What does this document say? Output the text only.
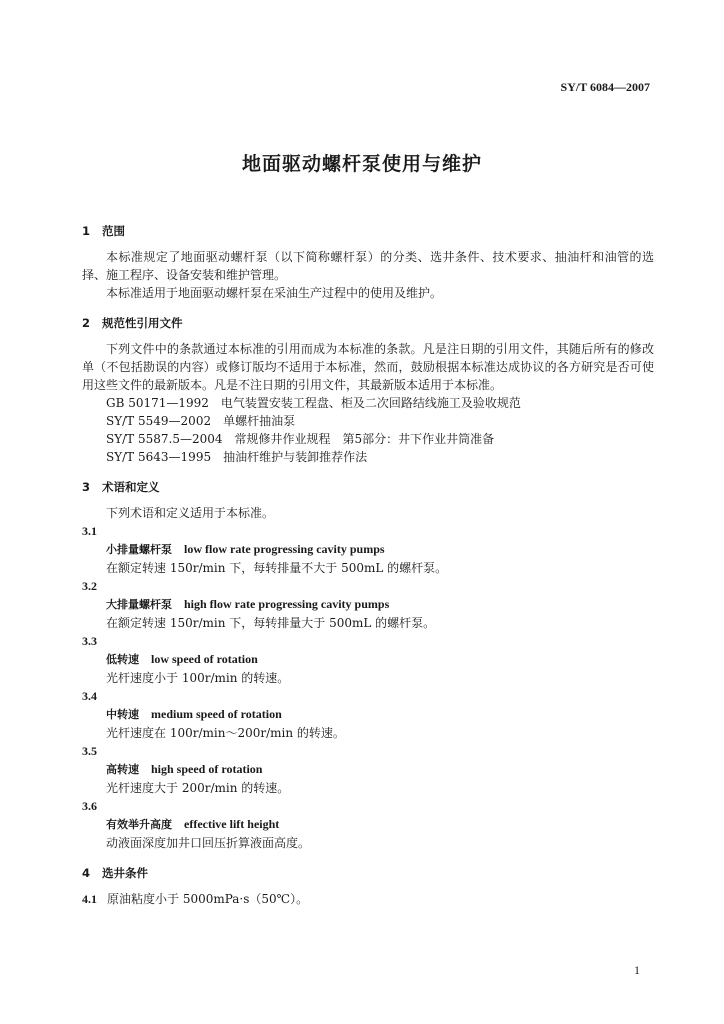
SY/T 6084—2007
地面驱动螺杆泵使用与维护
1 范围
本标准规定了地面驱动螺杆泵（以下简称螺杆泵）的分类、选井条件、技术要求、抽油杆和油管的选择、施工程序、设备安装和维护管理。
本标准适用于地面驱动螺杆泵在采油生产过程中的使用及维护。
2 规范性引用文件
下列文件中的条款通过本标准的引用而成为本标准的条款。凡是注日期的引用文件，其随后所有的修改单（不包括勘误的内容）或修订版均不适用于本标准，然而，鼓励根据本标准达成协议的各方研究是否可使用这些文件的最新版本。凡是不注日期的引用文件，其最新版本适用于本标准。
GB 50171—1992　电气装置安装工程盘、柜及二次回路结线施工及验收规范
SY/T 5549—2002　单螺杆抽油泵
SY/T 5587.5—2004　常规修井作业规程　第5部分：井下作业井筒准备
SY/T 5643—1995　抽油杆维护与装卸推荐作法
3 术语和定义
下列术语和定义适用于本标准。
3.1
小排量螺杆泵 low flow rate progressing cavity pumps
在额定转速 150r/min 下，每转排量不大于 500mL 的螺杆泵。
3.2
大排量螺杆泵 high flow rate progressing cavity pumps
在额定转速 150r/min 下，每转排量大于 500mL 的螺杆泵。
3.3
低转速 low speed of rotation
光杆速度小于 100r/min 的转速。
3.4
中转速 medium speed of rotation
光杆速度在 100r/min～200r/min 的转速。
3.5
高转速 high speed of rotation
光杆速度大于 200r/min 的转速。
3.6
有效举升高度 effective lift height
动液面深度加井口回压折算液面高度。
4 选井条件
4.1 原油粘度小于 5000mPa·s（50℃）。
1
